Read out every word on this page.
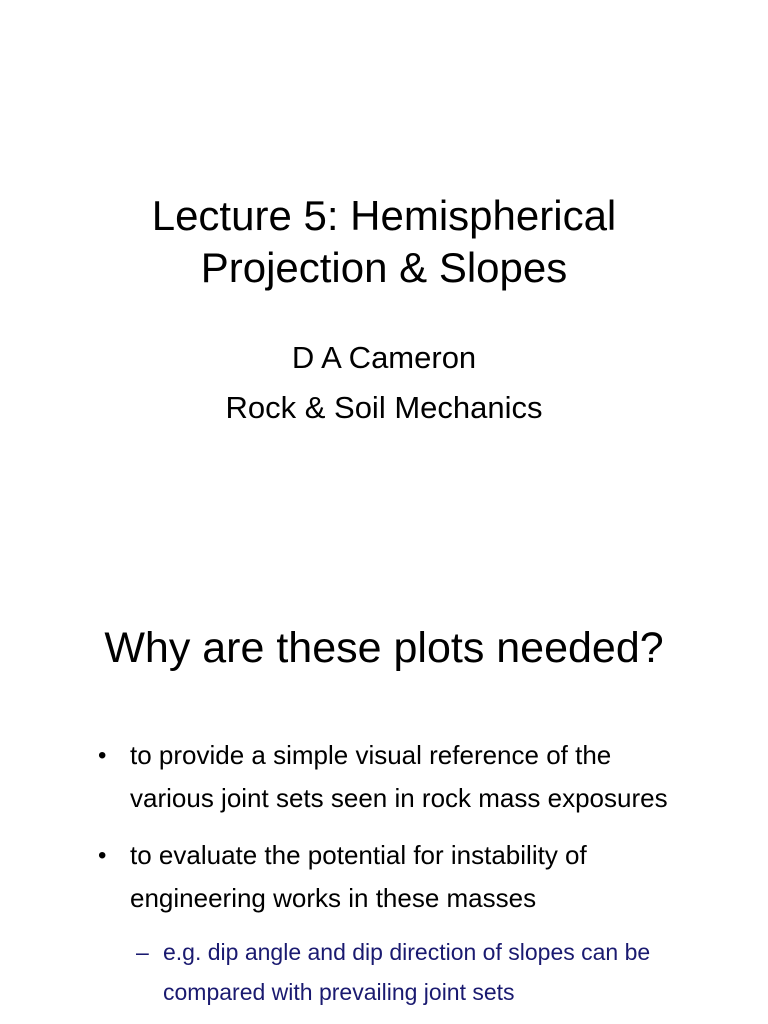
Lecture 5: Hemispherical
Projection & Slopes
D A Cameron
Rock & Soil Mechanics
Why are these plots needed?
• to provide a simple visual reference of the various joint sets seen in rock mass exposures
• to evaluate the potential for instability of engineering works in these masses
– e.g. dip angle and dip direction of slopes can be compared with prevailing joint sets
